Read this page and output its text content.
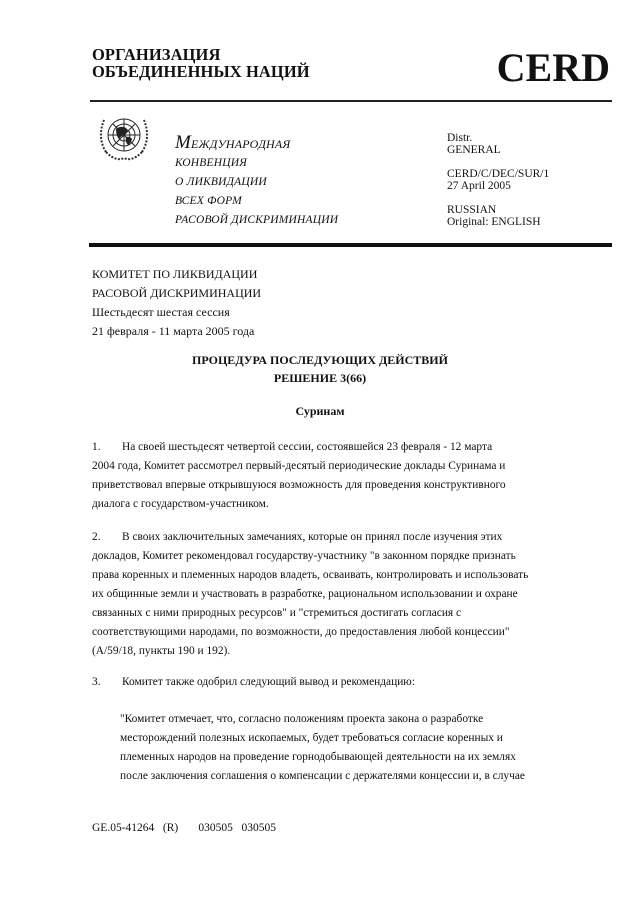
ОРГАНИЗАЦИЯ
ОБЪЕДИНЕННЫХ НАЦИЙ	CERD
МЕЖДУНАРОДНАЯ
КОНВЕНЦИЯ
О ЛИКВИДАЦИИ
ВСЕХ ФОРМ
РАСОВОЙ ДИСКРИМИНАЦИИ
Distr.
GENERAL
CERD/C/DEC/SUR/1
27 April 2005
RUSSIAN
Original: ENGLISH
КОМИТЕТ ПО ЛИКВИДАЦИИ
РАСОВОЙ ДИСКРИМИНАЦИИ
Шестьдесят шестая сессия
21 февраля - 11 марта 2005 года
ПРОЦЕДУРА ПОСЛЕДУЮЩИХ ДЕЙСТВИЙ
РЕШЕНИЕ 3(66)
Суринам
1. На своей шестьдесят четвертой сессии, состоявшейся 23 февраля - 12 марта
2004 года, Комитет рассмотрел первый-десятый периодические доклады Суринама и
приветствовал впервые открывшуюся возможность для проведения конструктивного
диалога с государством-участником.
2. В своих заключительных замечаниях, которые он принял после изучения этих
докладов, Комитет рекомендовал государству-участнику "в законном порядке признать
права коренных и племенных народов владеть, осваивать, контролировать и использовать
их общинные земли и участвовать в разработке, рациональном использовании и охране
связанных с ними природных ресурсов" и "стремиться достигать согласия с
соответствующими народами, по возможности, до предоставления любой концессии"
(A/59/18, пункты 190 и 192).
3. Комитет также одобрил следующий вывод и рекомендацию:
"Комитет отмечает, что, согласно положениям проекта закона о разработке
месторождений полезных ископаемых, будет требоваться согласие коренных и
племенных народов на проведение горнодобывающей деятельности на их землях
после заключения соглашения о компенсации с держателями концессии и, в случае
GE.05-41264   (R)       030505   030505
